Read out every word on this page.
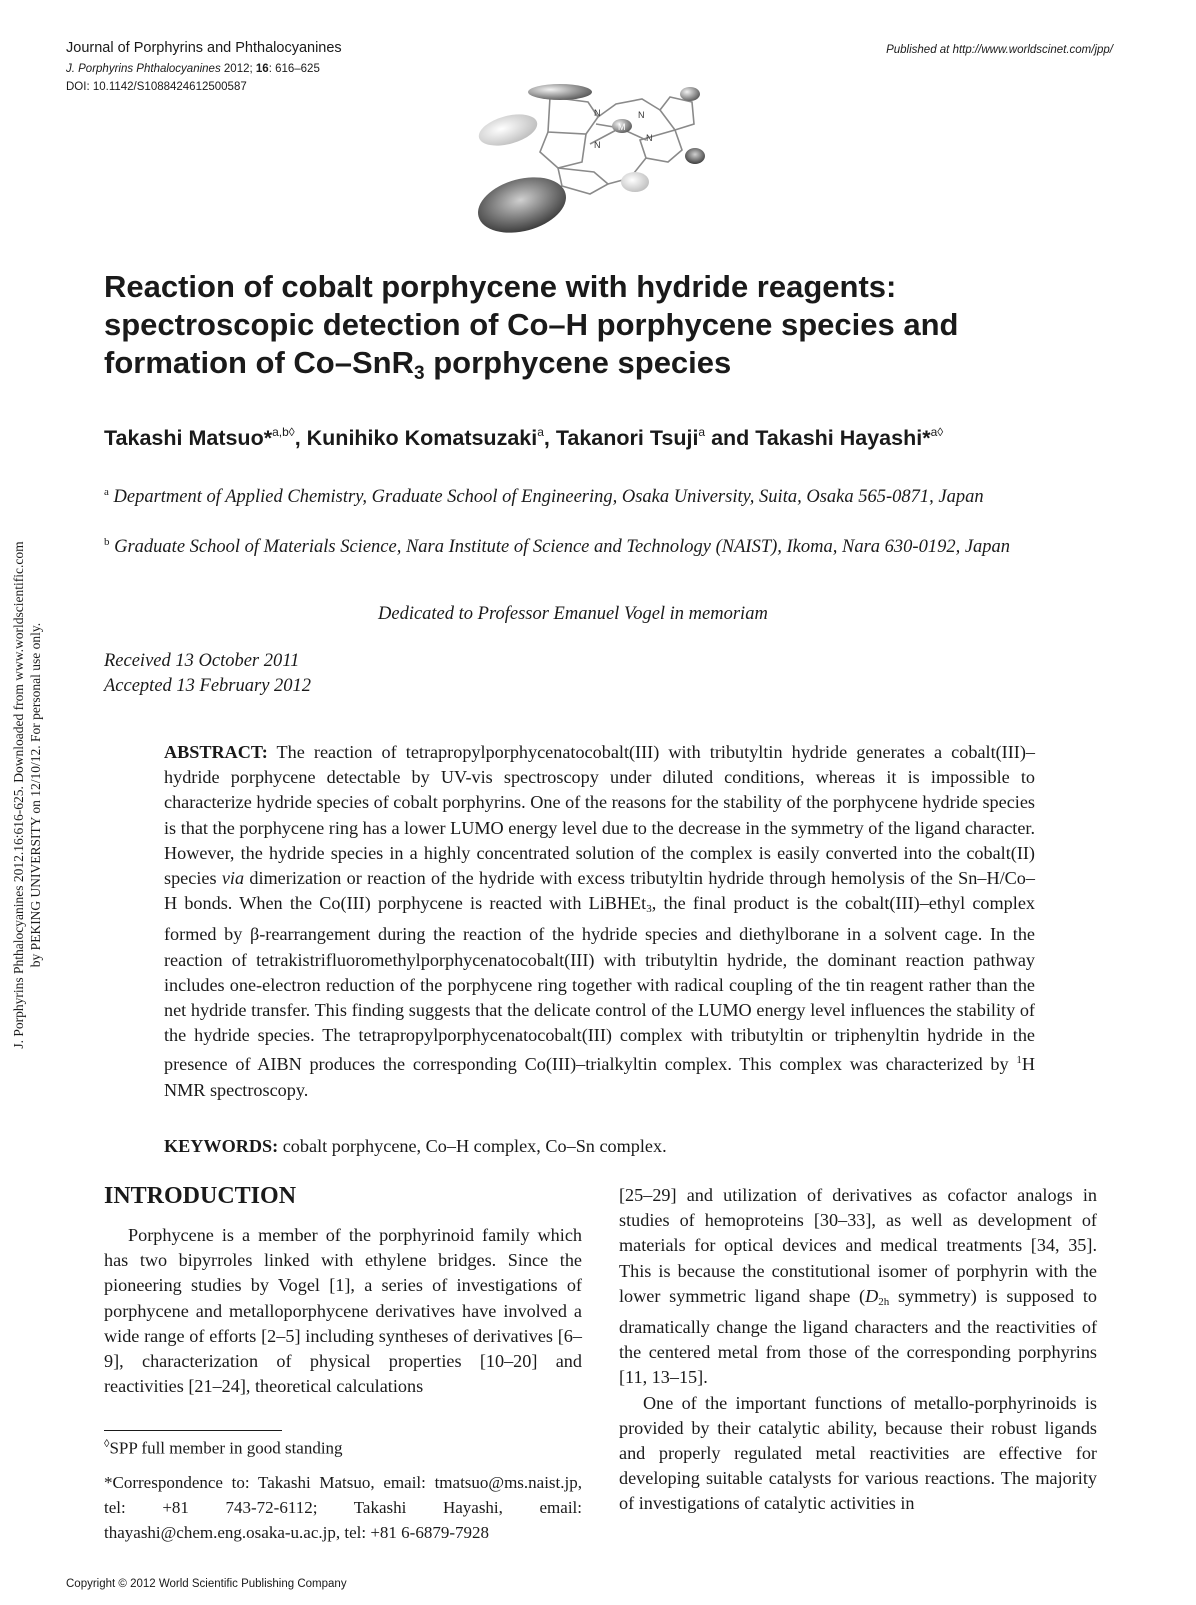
Journal of Porphyrins and Phthalocyanines
J. Porphyrins Phthalocyanines 2012; 16: 616–625
DOI: 10.1142/S1088424612500587
Published at http://www.worldscinet.com/jpp/
M
N	N
N
N
J. Porphyrins Phthalocyanines 2012.16:616-625. Downloaded from www.worldscientific.com by PEKING UNIVERSITY on 12/10/12. For personal use only.
Reaction of cobalt porphycene with hydride reagents:
spectroscopic detection of Co–H porphycene species and
formation of Co–SnR$_3$ porphycene species
Takashi Matsuo*$^{a,b◊}$, Kunihiko Komatsuzaki$^a$, Takanori Tsuji$^a$ and Takashi Hayashi*$^{a◊}$
$^a$ Department of Applied Chemistry, Graduate School of Engineering, Osaka University, Suita, Osaka 565-0871, Japan
$^b$ Graduate School of Materials Science, Nara Institute of Science and Technology (NAIST), Ikoma, Nara 630-0192, Japan
Dedicated to Professor Emanuel Vogel in memoriam
Received 13 October 2011
Accepted 13 February 2012
ABSTRACT: The reaction of tetrapropylporphycenatocobalt(III) with tributyltin hydride generates a cobalt(III)–hydride porphycene detectable by UV-vis spectroscopy under diluted conditions, whereas it is impossible to characterize hydride species of cobalt porphyrins. One of the reasons for the stability of the porphycene hydride species is that the porphycene ring has a lower LUMO energy level due to the decrease in the symmetry of the ligand character. However, the hydride species in a highly concentrated solution of the complex is easily converted into the cobalt(II) species via dimerization or reaction of the hydride with excess tributyltin hydride through hemolysis of the Sn–H/Co–H bonds. When the Co(III) porphycene is reacted with LiBHEt$_3$, the final product is the cobalt(III)–ethyl complex formed by β-rearrangement during the reaction of the hydride species and diethylborane in a solvent cage. In the reaction of tetrakistrifluoromethylporphycenatocobalt(III) with tributyltin hydride, the dominant reaction pathway includes one-electron reduction of the porphycene ring together with radical coupling of the tin reagent rather than the net hydride transfer. This finding suggests that the delicate control of the LUMO energy level influences the stability of the hydride species. The tetrapropylporphycenatocobalt(III) complex with tributyltin or triphenyltin hydride in the presence of AIBN produces the corresponding Co(III)–trialkyltin complex. This complex was characterized by $^1$H NMR spectroscopy.
KEYWORDS: cobalt porphycene, Co–H complex, Co–Sn complex.
INTRODUCTION

Porphycene is a member of the porphyrinoid family which has two bipyrroles linked with ethylene bridges. Since the pioneering studies by Vogel [1], a series of investigations of porphycene and metalloporphycene derivatives have involved a wide range of efforts [2–5] including syntheses of derivatives [6–9], characterization of physical properties [10–20] and reactivities [21–24], theoretical calculations

[25–29] and utilization of derivatives as cofactor analogs in studies of hemoproteins [30–33], as well as development of materials for optical devices and medical treatments [34, 35]. This is because the constitutional isomer of porphyrin with the lower symmetric ligand shape ($D_{2h}$ symmetry) is supposed to dramatically change the ligand characters and the reactivities of the centered metal from those of the corresponding porphyrins [11, 13–15].

One of the important functions of metallo-porphyrinoids is provided by their catalytic ability, because their robust ligands and properly regulated metal reactivities are effective for developing suitable catalysts for various reactions. The majority of investigations of catalytic activities in

◊SPP full member in good standing
*Correspondence to: Takashi Matsuo, email: tmatsuo@ms.naist.jp, tel: +81 743-72-6112; Takashi Hayashi, email: thayashi@chem.eng.osaka-u.ac.jp, tel: +81 6-6879-7928
Copyright © 2012 World Scientific Publishing Company
